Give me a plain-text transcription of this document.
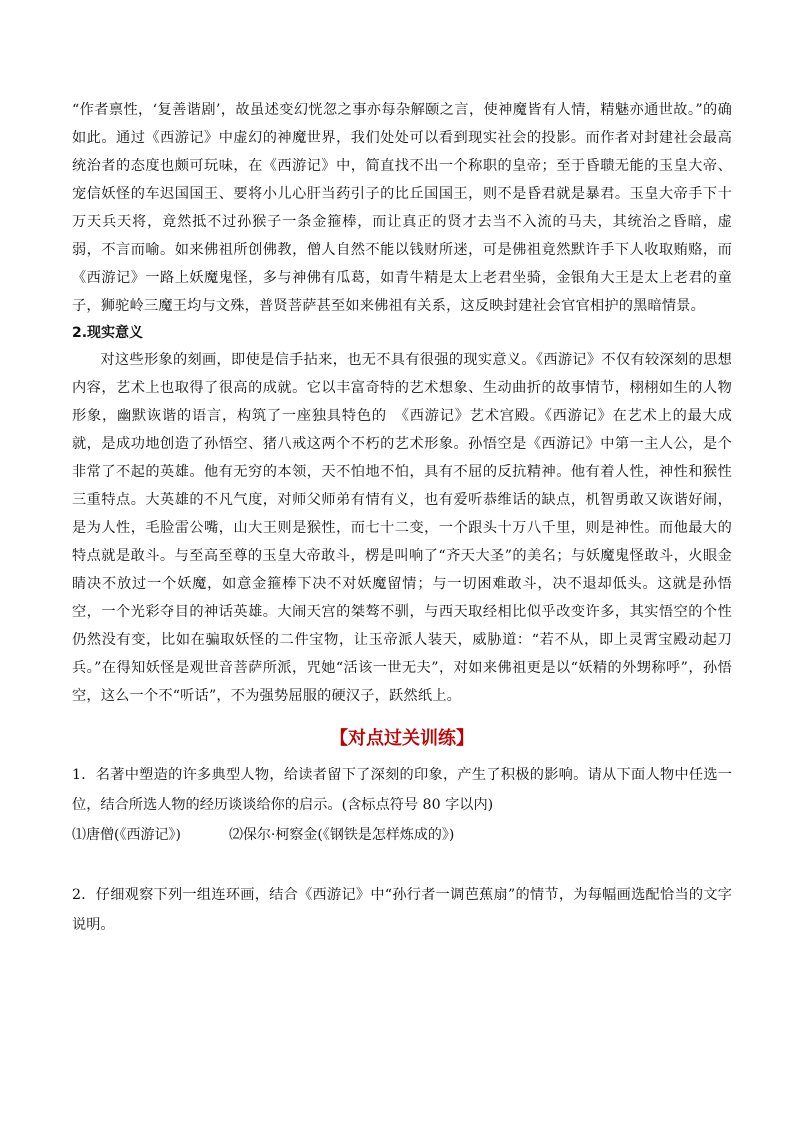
“作者禀性，‘复善谐剧’，故虽述变幻恍忽之事亦每杂解颐之言，使神魔皆有人情，精魅亦通世故。”的确如此。通过《西游记》中虚幻的神魔世界，我们处处可以看到现实社会的投影。而作者对封建社会最高统治者的态度也颇可玩味，在《西游记》中，简直找不出一个称职的皇帝；至于昏聩无能的玉皇大帝、宠信妖怪的车迟国国王、要将小儿心肝当药引子的比丘国国王，则不是昏君就是暴君。玉皇大帝手下十万天兵天将，竟然抵不过孙猴子一条金箍棒，而让真正的贤才去当不入流的马夫，其统治之昏暗，虚弱，不言而喻。如来佛祖所创佛教，僧人自然不能以钱财所迷，可是佛祖竟然默许手下人收取贿赂，而《西游记》一路上妖魔鬼怪，多与神佛有瓜葛，如青牛精是太上老君坐骑，金银角大王是太上老君的童子，狮驼岭三魔王均与文殊，普贤菩萨甚至如来佛祖有关系，这反映封建社会官官相护的黑暗情景。

2.现实意义

对这些形象的刻画，即使是信手拈来，也无不具有很强的现实意义。《西游记》不仅有较深刻的思想内容，艺术上也取得了很高的成就。它以丰富奇特的艺术想象、生动曲折的故事情节，栩栩如生的人物形象，幽默诙谐的语言，构筑了一座独具特色的　《西游记》艺术宫殿。《西游记》在艺术上的最大成就，是成功地创造了孙悟空、猪八戒这两个不朽的艺术形象。孙悟空是《西游记》中第一主人公，是个非常了不起的英雄。他有无穷的本领，天不怕地不怕，具有不屈的反抗精神。他有着人性，神性和猴性三重特点。大英雄的不凡气度，对师父师弟有情有义，也有爱听恭维话的缺点，机智勇敢又诙谐好闹，是为人性，毛脸雷公嘴，山大王则是猴性，而七十二变，一个跟头十万八千里，则是神性。而他最大的特点就是敢斗。与至高至尊的玉皇大帝敢斗，楞是叫响了“齐天大圣”的美名；与妖魔鬼怪敢斗，火眼金睛决不放过一个妖魔，如意金箍棒下决不对妖魔留情；与一切困难敢斗，决不退却低头。这就是孙悟空，一个光彩夺目的神话英雄。大闹天宫的桀骜不驯，与西天取经相比似乎改变许多，其实悟空的个性仍然没有变，比如在骗取妖怪的二件宝物，让玉帝派人装天，威胁道：“若不从，即上灵霄宝殿动起刀兵。”在得知妖怪是观世音菩萨所派，咒她“活该一世无夫”，对如来佛祖更是以“妖精的外甥称呼”，孙悟空，这么一个不“听话”，不为强势屈服的硬汉子，跃然纸上。

【对点过关训练】

1．名著中塑造的许多典型人物，给读者留下了深刻的印象，产生了积极的影响。请从下面人物中任选一位，结合所选人物的经历谈谈给你的启示。(含标点符号 80 字以内)

⑴唐僧(《西游记》)	⑵保尔·柯察金(《钢铁是怎样炼成的》)

2．仔细观察下列一组连环画，结合《西游记》中“孙行者一调芭蕉扇”的情节，为每幅画选配恰当的文字说明。
